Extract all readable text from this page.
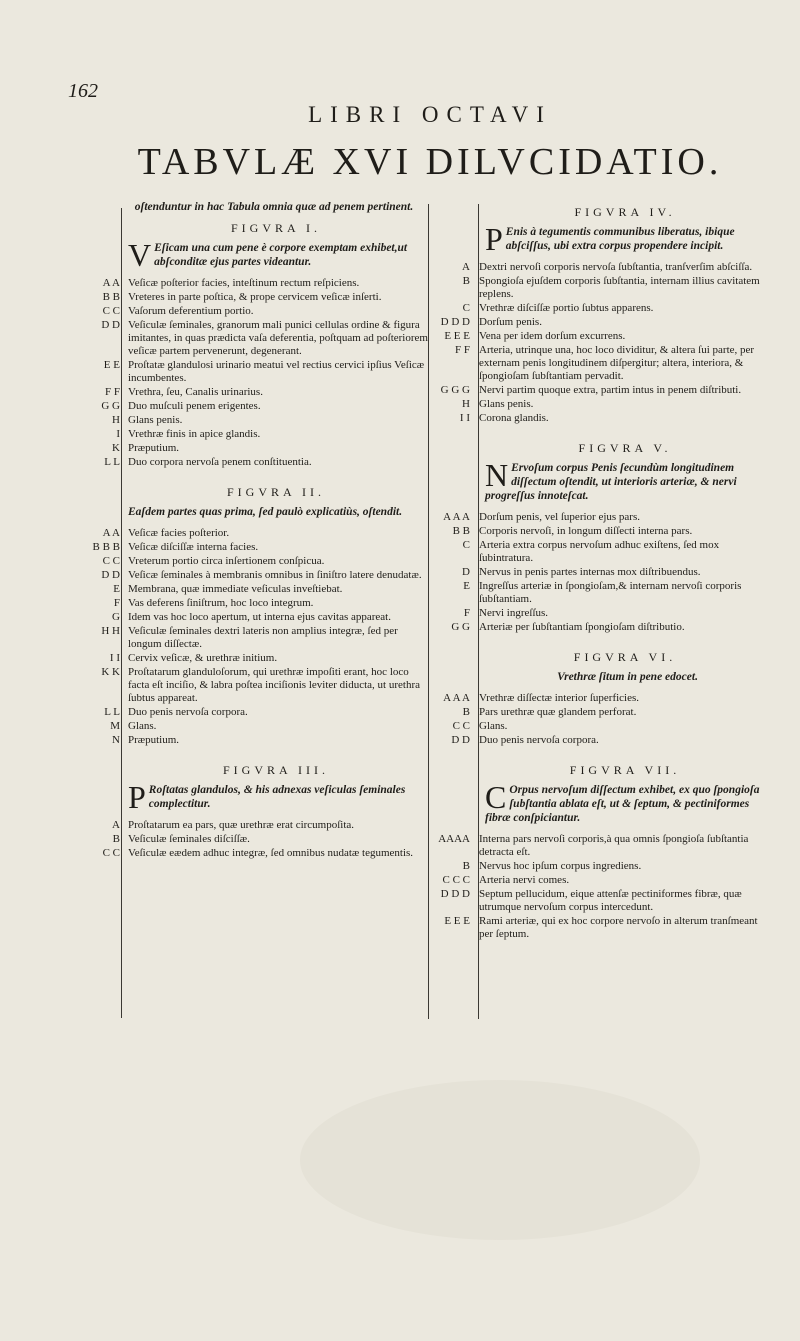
162
LIBRI OCTAVI
TABVLÆ XVI DILVCIDATIO.
oſtenduntur in hac Tabula omnia quæ ad penem pertinent.
FIGVRA I.
V Eſicam una cum pene è corpore exemptam exhibet,ut abſconditæ ejus partes videantur.
A A Veſicæ poſterior facies, inteſtinum rectum reſpiciens.
B B Vreteres in parte poſtica, & prope cervicem veſicæ inſerti.
C C Vaſorum deferentium portio.
D D Veſiculæ ſeminales, granorum mali punici cellulas ordine & figura imitantes, in quas prædicta vaſa deferentia, poſtquam ad poſteriorem veſicæ partem pervenerunt, degenerant.
E E Proſtatæ glandulosi urinario meatui vel rectius cervici ipſius Veſicæ incumbentes.
F F Vrethra, ſeu, Canalis urinarius.
G G Duo muſculi penem erigentes.
H Glans penis.
I Vrethræ finis in apice glandis.
K Præputium.
L L Duo corpora nervoſa penem conſtituentia.
FIGVRA II.
Eaſdem partes quas prima, ſed paulò explicatiùs, oſtendit.
A A Veſicæ facies poſterior.
B B B Veſicæ diſciſſæ interna facies.
C C Vreterum portio circa inſertionem conſpicua.
D D Veſicæ ſeminales à membranis omnibus in ſiniſtro latere denudatæ.
E Membrana, quæ immediate veſiculas inveſtiebat.
F Vas deferens ſiniſtrum, hoc loco integrum.
G Idem vas hoc loco apertum, ut interna ejus cavitas appareat.
H H Veſiculæ ſeminales dextri lateris non amplius integræ, ſed per longum diſſectæ.
I I Cervix veſicæ, & urethræ initium.
K K Proſtatarum glanduloſorum, qui urethræ impoſiti erant, hoc loco facta eſt inciſio, & labra poſtea inciſionis leviter diducta, ut urethra ſubtus appareat.
L L Duo penis nervoſa corpora.
M Glans.
N Præputium.
FIGVRA III.
P Roſtatas glandulos, & his adnexas veſiculas ſeminales complectitur.
A Proſtatarum ea pars, quæ urethræ erat circumpoſita.
B Veſiculæ ſeminales diſciſſæ.
C C Veſiculæ eædem adhuc integræ, ſed omnibus nudatæ tegumentis.
FIGVRA IV.
P Enis à tegumentis communibus liberatus, ibique abſciſſus, ubi extra corpus propendere incipit.
A Dextri nervoſi corporis nervoſa ſubſtantia, tranſverſim abſciſſa.
B Spongioſa ejuſdem corporis ſubſtantia, internam illius cavitatem replens.
C Vrethræ diſciſſæ portio ſubtus apparens.
D D D Dorſum penis.
E E E Vena per idem dorſum excurrens.
F F Arteria, utrinque una, hoc loco dividitur, & altera ſui parte, per externam penis longitudinem diſpergitur; altera, interiora, & ſpongioſam ſubſtantiam pervadit.
G G G Nervi partim quoque extra, partim intus in penem diſtributi.
H Glans penis.
I I Corona glandis.
FIGVRA V.
N Ervoſum corpus Penis ſecundùm longitudinem diſſectum oſtendit, ut interioris arteriæ, & nervi progreſſus innoteſcat.
A A A Dorſum penis, vel ſuperior ejus pars.
B B Corporis nervoſi, in longum diſſecti interna pars.
C Arteria extra corpus nervoſum adhuc exiſtens, ſed mox ſubintratura.
D Nervus in penis partes internas mox diſtribuendus.
E Ingreſſus arteriæ in ſpongioſam,& internam nervoſi corporis ſubſtantiam.
F Nervi ingreſſus.
G G Arteriæ per ſubſtantiam ſpongioſam diſtributio.
FIGVRA VI.
Vrethræ ſitum in pene edocet.
A A A Vrethræ diſſectæ interior ſuperficies.
B Pars urethræ quæ glandem perforat.
C C Glans.
D D Duo penis nervoſa corpora.
FIGVRA VII.
C Orpus nervoſum diſſectum exhibet, ex quo ſpongioſa ſubſtantia ablata eſt, ut & ſeptum, & pectiniformes fibræ conſpiciantur.
AAAA Interna pars nervoſi corporis,à qua omnis ſpongioſa ſubſtantia detracta eſt.
B Nervus hoc ipſum corpus ingrediens.
C C C Arteria nervi comes.
D D D Septum pellucidum, eique attenſæ pectiniformes fibræ, quæ utrumque nervoſum corpus intercedunt.
E E E Rami arteriæ, qui ex hoc corpore nervoſo in alterum tranſmeant per ſeptum.
